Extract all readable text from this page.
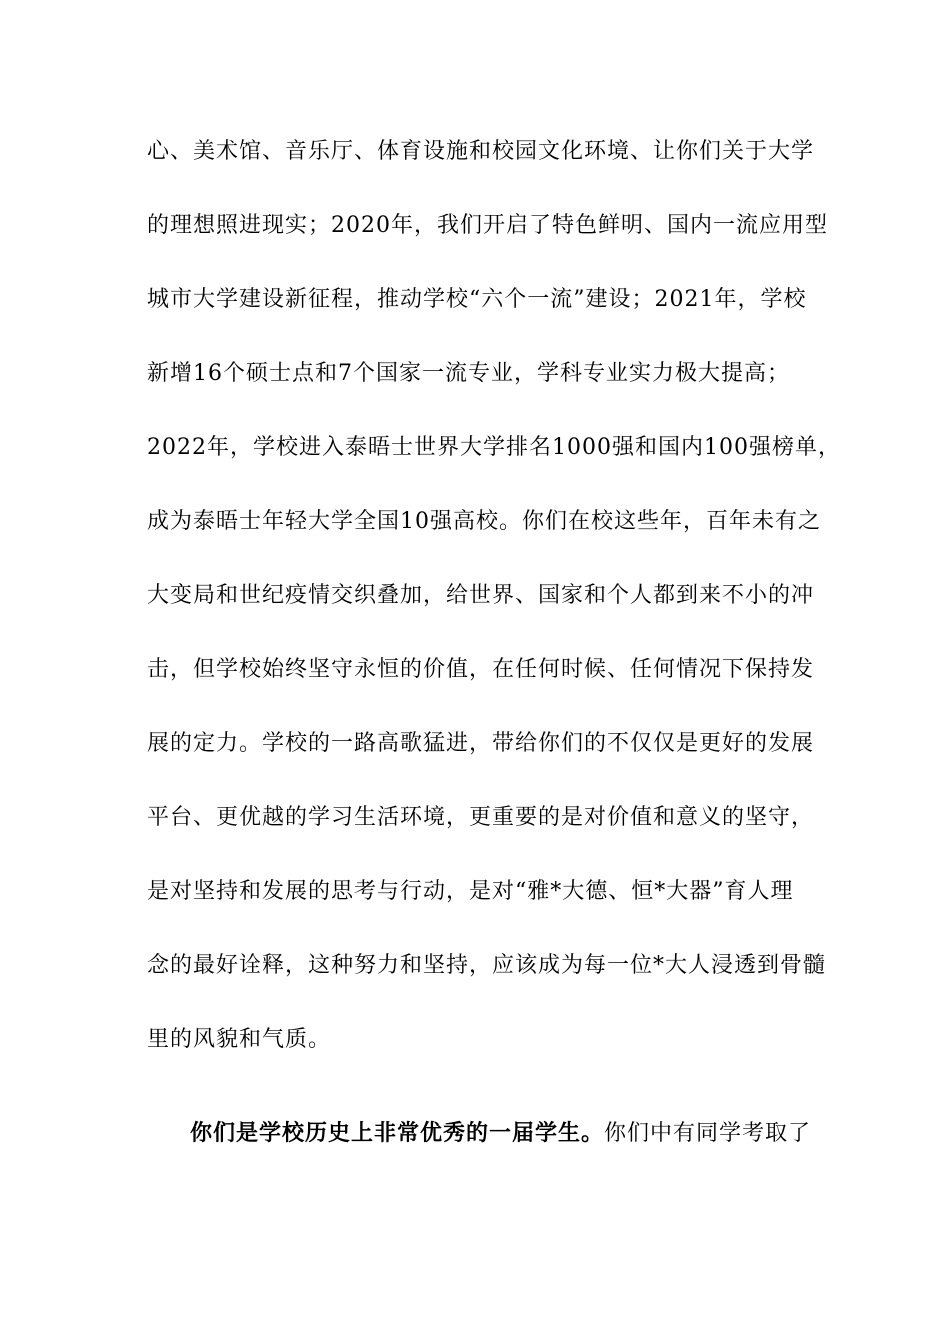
心、美术馆、音乐厅、体育设施和校园文化环境、让你们关于大学
的理想照进现实；2020年，我们开启了特色鲜明、国内一流应用型
城市大学建设新征程，推动学校“六个一流”建设；2021年，学校
新增16个硕士点和7个国家一流专业，学科专业实力极大提高；
2022年，学校进入泰晤士世界大学排名1000强和国内100强榜单，
成为泰晤士年轻大学全国10强高校。你们在校这些年，百年未有之
大变局和世纪疫情交织叠加，给世界、国家和个人都到来不小的冲
击，但学校始终坚守永恒的价值，在任何时候、任何情况下保持发
展的定力。学校的一路高歌猛进，带给你们的不仅仅是更好的发展
平台、更优越的学习生活环境，更重要的是对价值和意义的坚守，
是对坚持和发展的思考与行动，是对“雅*大德、恒*大器”育人理
念的最好诠释，这种努力和坚持，应该成为每一位*大人浸透到骨髓
里的风貌和气质。
你们是学校历史上非常优秀的一届学生。你们中有同学考取了
